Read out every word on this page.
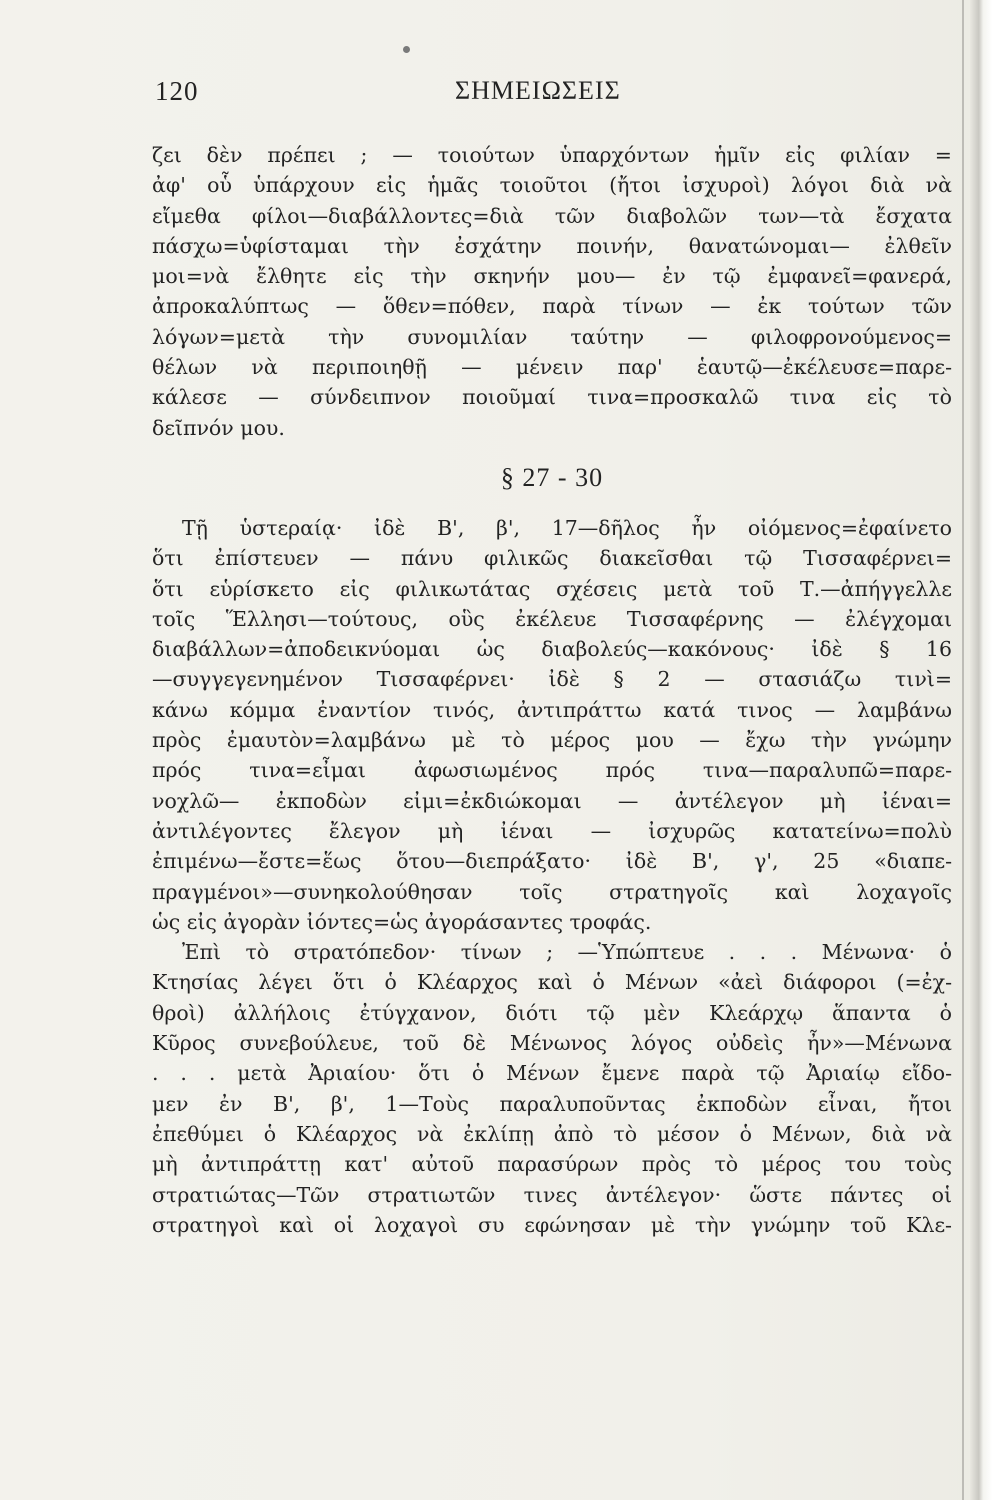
120	ΣΗΜΕΙΩΣΕΙΣ
ζει δὲν πρέπει ; — τοιούτων ὑπαρχόντων ἡμῖν εἰς φιλίαν =
ἀφ' οὗ ὑπάρχουν εἰς ἡμᾶς τοιοῦτοι (ἤτοι ἰσχυροὶ) λόγοι διὰ νὰ
εἴμεθα φίλοι—διαβάλλοντες=διὰ τῶν διαβολῶν των—τὰ ἔσχατα
πάσχω=ὑφίσταμαι τὴν ἐσχάτην ποινήν, θανατώνομαι— ἐλθεῖν
μοι=νὰ ἔλθητε εἰς τὴν σκηνήν μου— ἐν τῷ ἐμφανεῖ=φανερά,
ἀπροκαλύπτως — ὅθεν=πόθεν, παρὰ τίνων — ἐκ τούτων τῶν
λόγων=μετὰ τὴν συνομιλίαν ταύτην — φιλοφρονούμενος=
θέλων νὰ περιποιηθῇ — μένειν παρ' ἑαυτῷ—ἐκέλευσε=παρε-
κάλεσε — σύνδειπνον ποιοῦμαί τινα=προσκαλῶ τινα εἰς τὸ
δεῖπνόν μου.
§ 27 - 30
Τῇ ὑστεραίᾳ· ἰδὲ Β', β', 17—δῆλος ἦν οἰόμενος=ἐφαίνετο
ὅτι ἐπίστευεν — πάνυ φιλικῶς διακεῖσθαι τῷ Τισσαφέρνει=
ὅτι εὑρίσκετο εἰς φιλικωτάτας σχέσεις μετὰ τοῦ Τ.—ἀπήγγελλε
τοῖς Ἕλλησι—τούτους, οὓς ἐκέλευε Τισσαφέρνης — ἐλέγχομαι
διαβάλλων=ἀποδεικνύομαι ὡς διαβολεύς—κακόνους· ἰδὲ § 16
—συγγεγενημένον Τισσαφέρνει· ἰδὲ § 2 — στασιάζω τινὶ=
κάνω κόμμα ἐναντίον τινός, ἀντιπράττω κατά τινος — λαμβάνω
πρὸς ἐμαυτὸν=λαμβάνω μὲ τὸ μέρος μου — ἔχω τὴν γνώμην
πρός τινα=εἶμαι ἀφωσιωμένος πρός τινα—παραλυπῶ=παρε-
νοχλῶ— ἐκποδὼν εἰμι=ἐκδιώκομαι — ἀντέλεγον μὴ ἰέναι=
ἀντιλέγοντες ἔλεγον μὴ ἰέναι — ἰσχυρῶς κατατείνω=πολὺ
ἐπιμένω—ἔστε=ἕως ὅτου—διεπράξατο· ἰδὲ Β', γ', 25 «διαπε-
πραγμένοι»—συνηκολούθησαν τοῖς στρατηγοῖς καὶ λοχαγοῖς
ὡς εἰς ἀγορὰν ἰόντες=ὡς ἀγοράσαντες τροφάς.
Ἐπὶ τὸ στρατόπεδον· τίνων ; —Ὑπώπτευε . . . Μένωνα· ὁ
Κτησίας λέγει ὅτι ὁ Κλέαρχος καὶ ὁ Μένων «ἀεὶ διάφοροι (=ἐχ-
θροὶ) ἀλλήλοις ἐτύγχανον, διότι τῷ μὲν Κλεάρχῳ ἅπαντα ὁ
Κῦρος συνεβούλευε, τοῦ δὲ Μένωνος λόγος οὐδεὶς ἦν»—Μένωνα
. . . μετὰ Ἀριαίου· ὅτι ὁ Μένων ἔμενε παρὰ τῷ Ἀριαίῳ εἴδο-
μεν ἐν Β', β', 1—Τοὺς παραλυποῦντας ἐκποδὼν εἶναι, ἤτοι
ἐπεθύμει ὁ Κλέαρχος νὰ ἐκλίπῃ ἀπὸ τὸ μέσον ὁ Μένων, διὰ νὰ
μὴ ἀντιπράττῃ κατ' αὐτοῦ παρασύρων πρὸς τὸ μέρος του τοὺς
στρατιώτας—Τῶν στρατιωτῶν τινες ἀντέλεγον· ὥστε πάντες οἱ
στρατηγοὶ καὶ οἱ λοχαγοὶ συ εφώνησαν μὲ τὴν γνώμην τοῦ Κλε-
